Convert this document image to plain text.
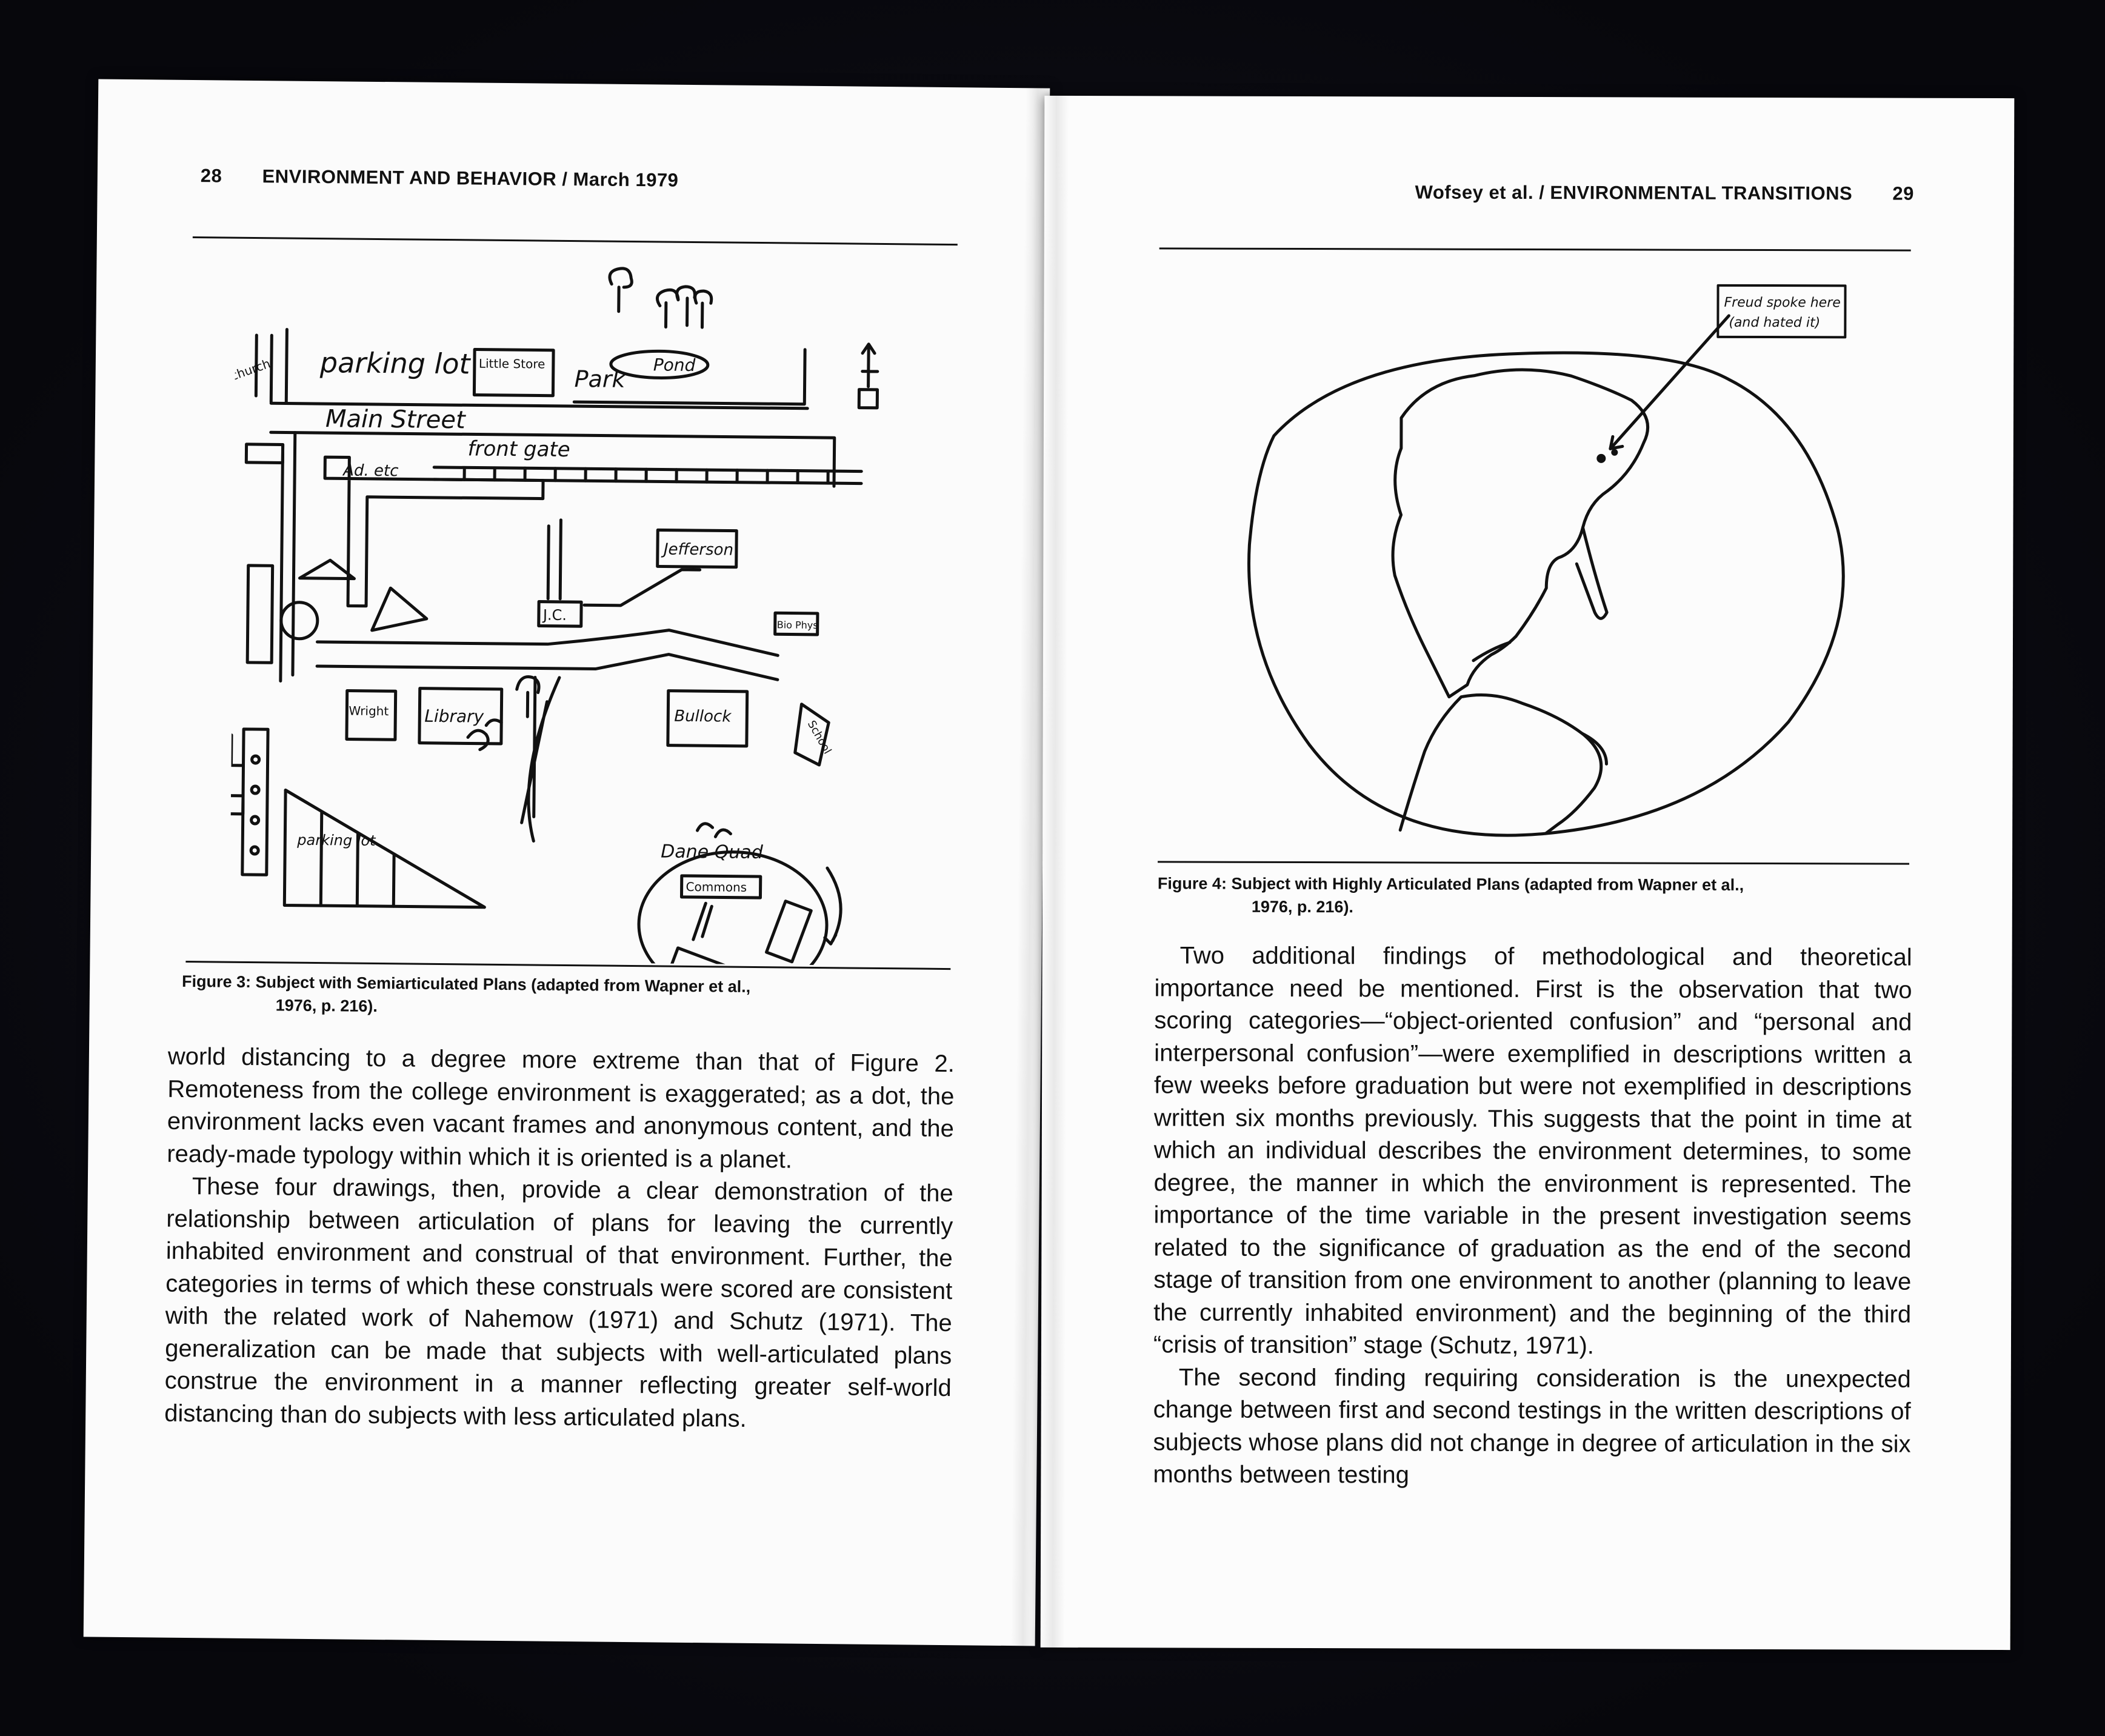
28 ENVIRONMENT AND BEHAVIOR / March 1979
church parking lot Little Store
Park
Pond
Main Street
front gate
Ad. etc
J.C.
Jefferson
Bio Phys
Wright Library	Bullock
School
parking lot
Dane Quad
Commons
Figure 3: Subject with Semiarticulated Plans (adapted from Wapner et al.,
1976, p. 216).

world distancing to a degree more extreme than that of Figure 2. Remoteness from the college environment is exaggerated; as a dot, the environment lacks even vacant frames and anonymous content, and the ready-made typology within which it is oriented is a planet.

These four drawings, then, provide a clear demonstration of the relationship between articulation of plans for leaving the currently inhabited environment and construal of that environment. Further, the categories in terms of which these construals were scored are consistent with the related work of Nahemow (1971) and Schutz (1971). The generalization can be made that subjects with well-articulated plans construe the environment in a manner reflecting greater self-world distancing than do subjects with less articulated plans.

Wofsey et al. / ENVIRONMENTAL TRANSITIONS 29
Freud spoke here
(and hated it)
Figure 4: Subject with Highly Articulated Plans (adapted from Wapner et al.,
1976, p. 216).

Two additional findings of methodological and theoretical importance need be mentioned. First is the observation that two scoring categories—“object-oriented confusion” and “personal and interpersonal confusion”—were exemplified in descriptions written a few weeks before graduation but were not exemplified in descriptions written six months previously. This suggests that the point in time at which an individual describes the environment determines, to some degree, the manner in which the environment is represented. The importance of the time variable in the present investigation seems related to the significance of graduation as the end of the second stage of transition from one environment to another (planning to leave the currently inhabited environment) and the beginning of the third “crisis of transition” stage (Schutz, 1971).

The second finding requiring consideration is the unexpected change between first and second testings in the written descriptions of subjects whose plans did not change in degree of articulation in the six months between testing
